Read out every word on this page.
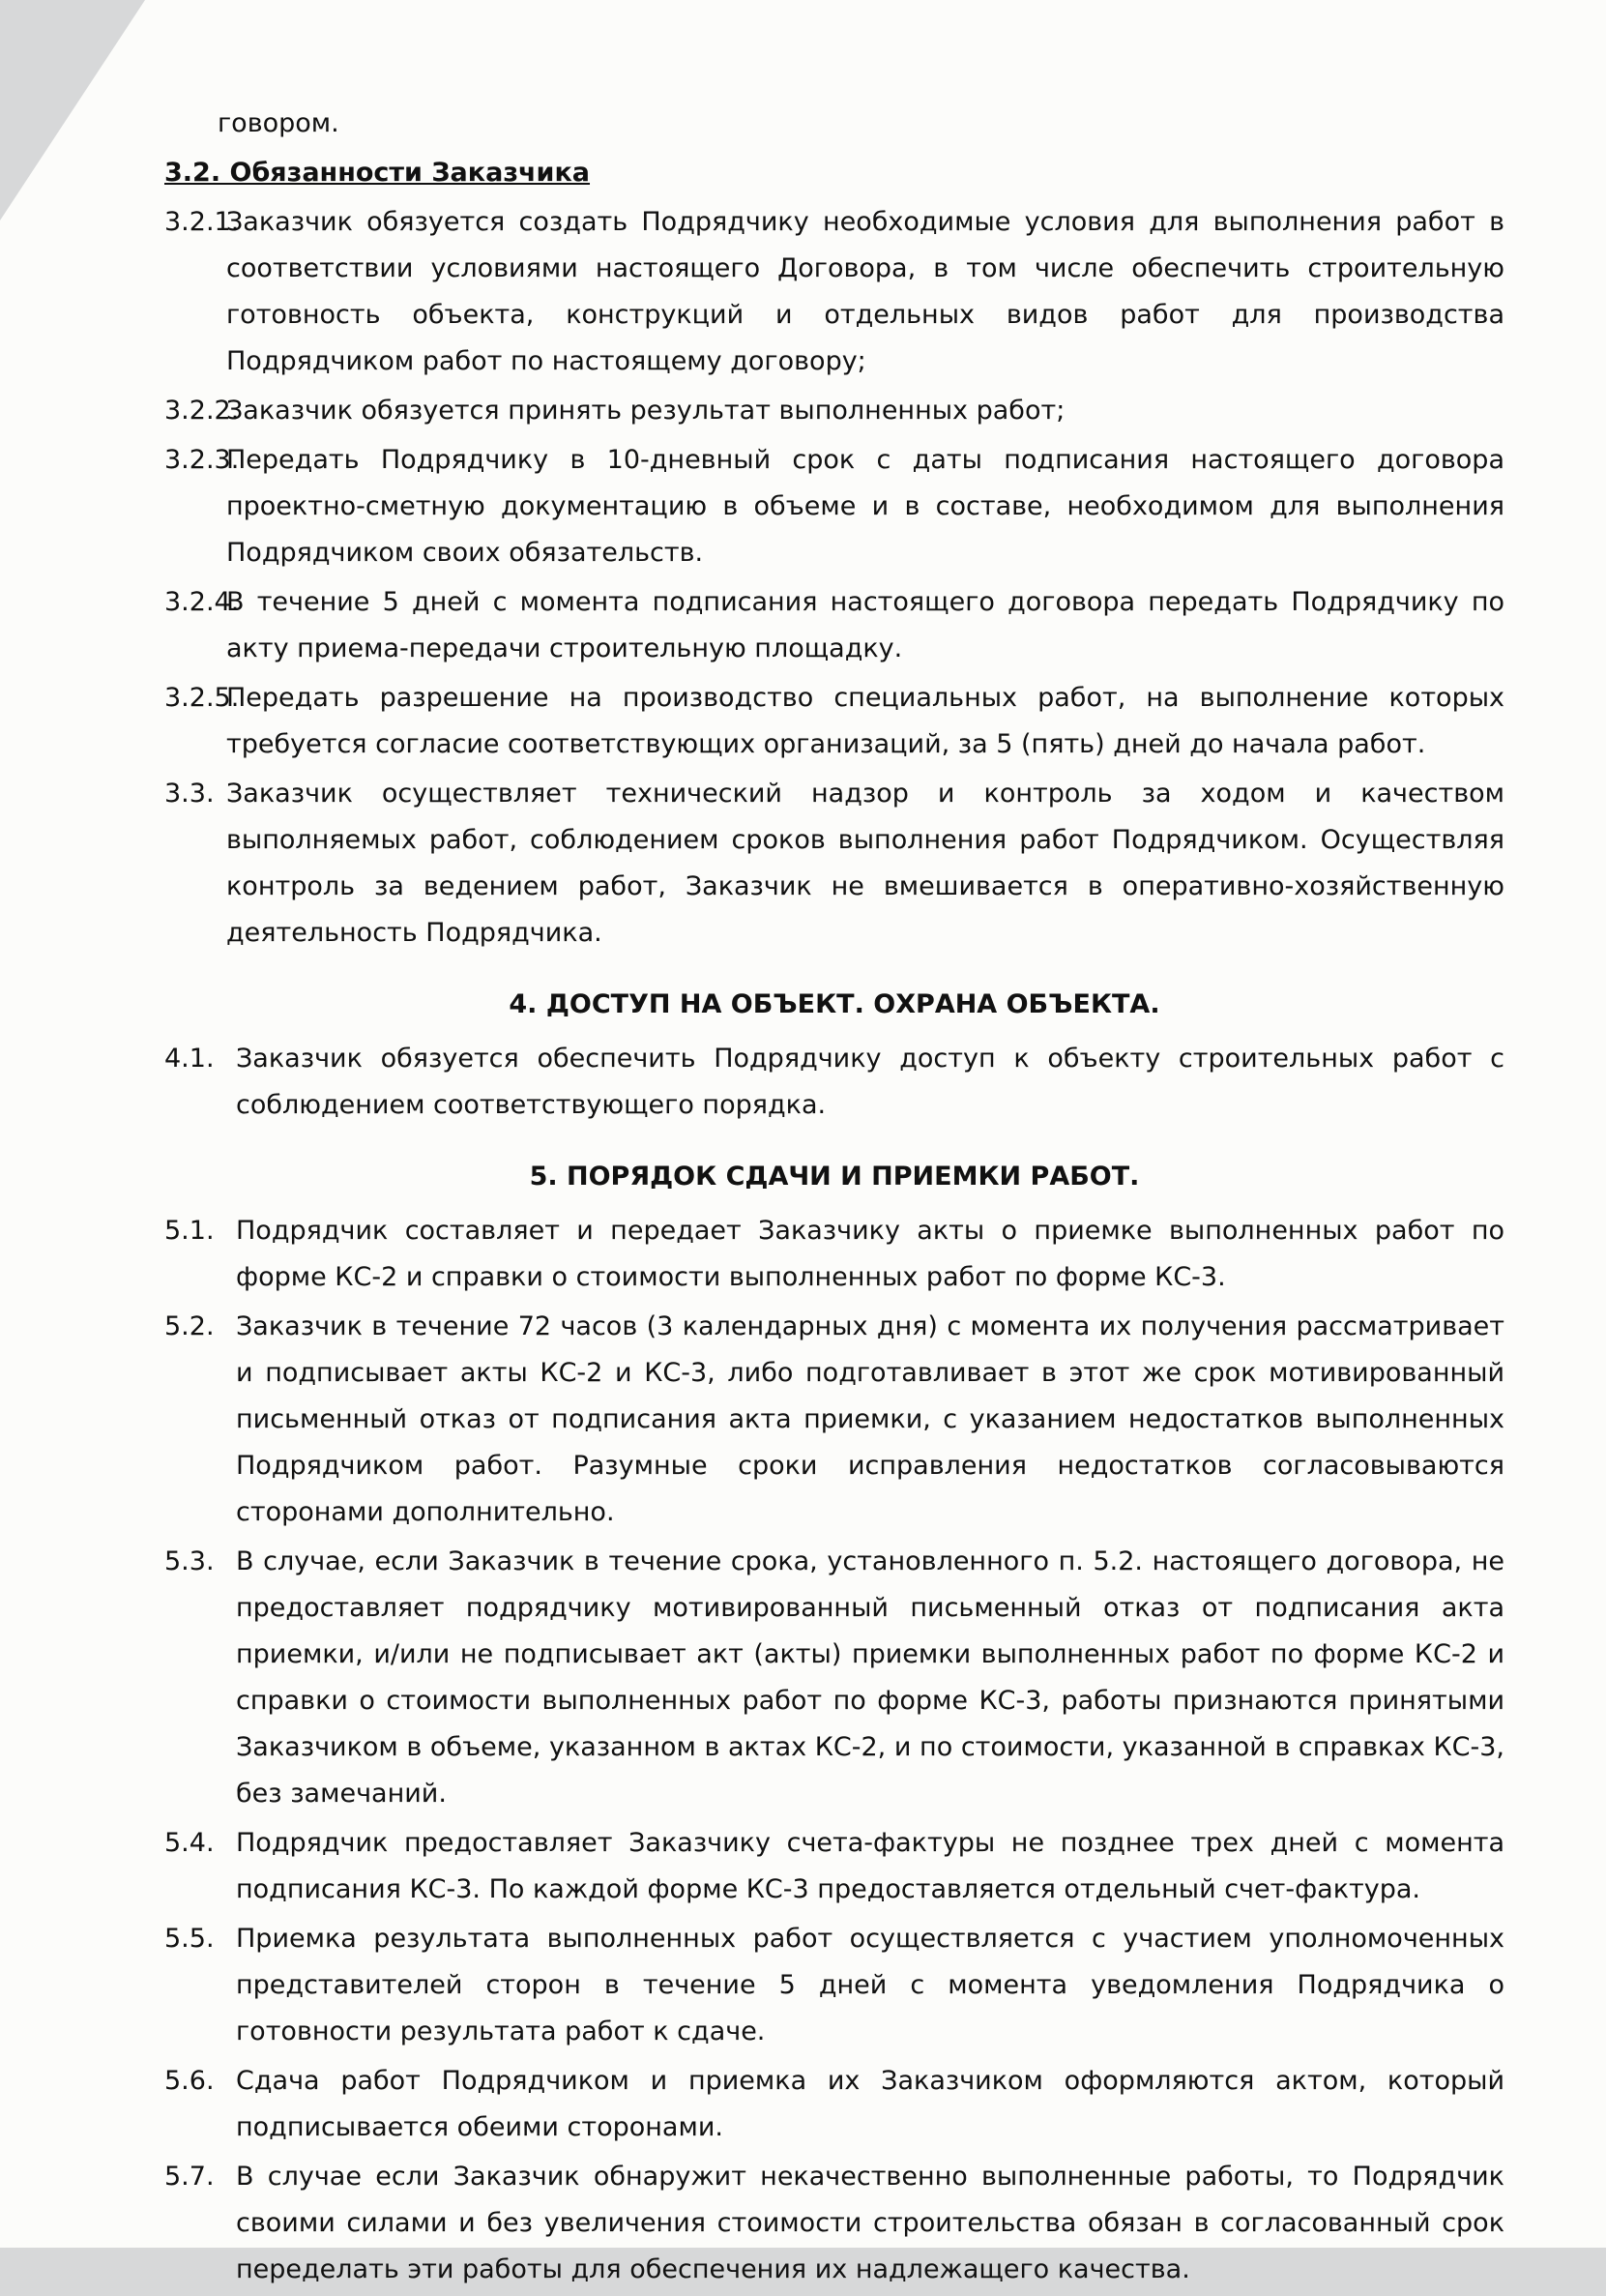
говором.
3.2. Обязанности Заказчика
3.2.1.
Заказчик обязуется создать Подрядчику необходимые условия для выполнения работ в соответствии условиями настоящего Договора, в том числе обеспечить строительную готовность объекта, конструкций и отдельных видов работ для производства Подрядчиком работ по настоящему договору;
3.2.2.
Заказчик обязуется принять результат выполненных работ;
3.2.3.
Передать Подрядчику в 10-дневный срок с даты подписания настоящего договора проектно-сметную документацию в объеме и в составе, необходимом для выполнения Подрядчиком своих обязательств.
3.2.4.
В течение 5 дней с момента подписания настоящего договора передать Подрядчику по акту приема-передачи строительную площадку.
3.2.5.
Передать разрешение на производство специальных работ, на выполнение которых требуется согласие соответствующих организаций, за 5 (пять) дней до начала работ.
3.3. Заказчик осуществляет технический надзор и контроль за ходом и качеством выполняемых работ, соблюдением сроков выполнения работ Подрядчиком. Осуществляя контроль за ведением работ, Заказчик не вмешивается в оперативно-хозяйственную деятельность Подрядчика.
4. ДОСТУП НА ОБЪЕКТ. ОХРАНА ОБЪЕКТА.
4.1. Заказчик обязуется обеспечить Подрядчику доступ к объекту строительных работ с соблюдением соответствующего порядка.
5. ПОРЯДОК СДАЧИ И ПРИЕМКИ РАБОТ.
5.1. Подрядчик составляет и передает Заказчику акты о приемке выполненных работ по форме КС-2 и справки о стоимости выполненных работ по форме КС-3.
5.2. Заказчик в течение 72 часов (3 календарных дня) с момента их получения рассматривает и подписывает акты КС-2 и КС-3, либо подготавливает в этот же срок мотивированный письменный отказ от подписания акта приемки, с указанием недостатков выполненных Подрядчиком работ. Разумные сроки исправления недостатков согласовываются сторонами дополнительно.
5.3. В случае, если Заказчик в течение срока, установленного п. 5.2. настоящего договора, не предоставляет подрядчику мотивированный письменный отказ от подписания акта приемки, и/или не подписывает акт (акты) приемки выполненных работ по форме КС-2 и справки о стоимости выполненных работ по форме КС-3, работы признаются принятыми Заказчиком в объеме, указанном в актах КС-2, и по стоимости, указанной в справках КС-3, без замечаний.
5.4. Подрядчик предоставляет Заказчику счета-фактуры не позднее трех дней с момента подписания КС-3. По каждой форме КС-3 предоставляется отдельный счет-фактура.
5.5. Приемка результата выполненных работ осуществляется с участием уполномоченных представителей сторон в течение 5 дней с момента уведомления Подрядчика о готовности результата работ к сдаче.
5.6. Сдача работ Подрядчиком и приемка их Заказчиком оформляются актом, который подписывается обеими сторонами.
5.7. В случае если Заказчик обнаружит некачественно выполненные работы, то Подрядчик своими силами и без увеличения стоимости строительства обязан в согласованный срок переделать эти работы для обеспечения их надлежащего качества.
